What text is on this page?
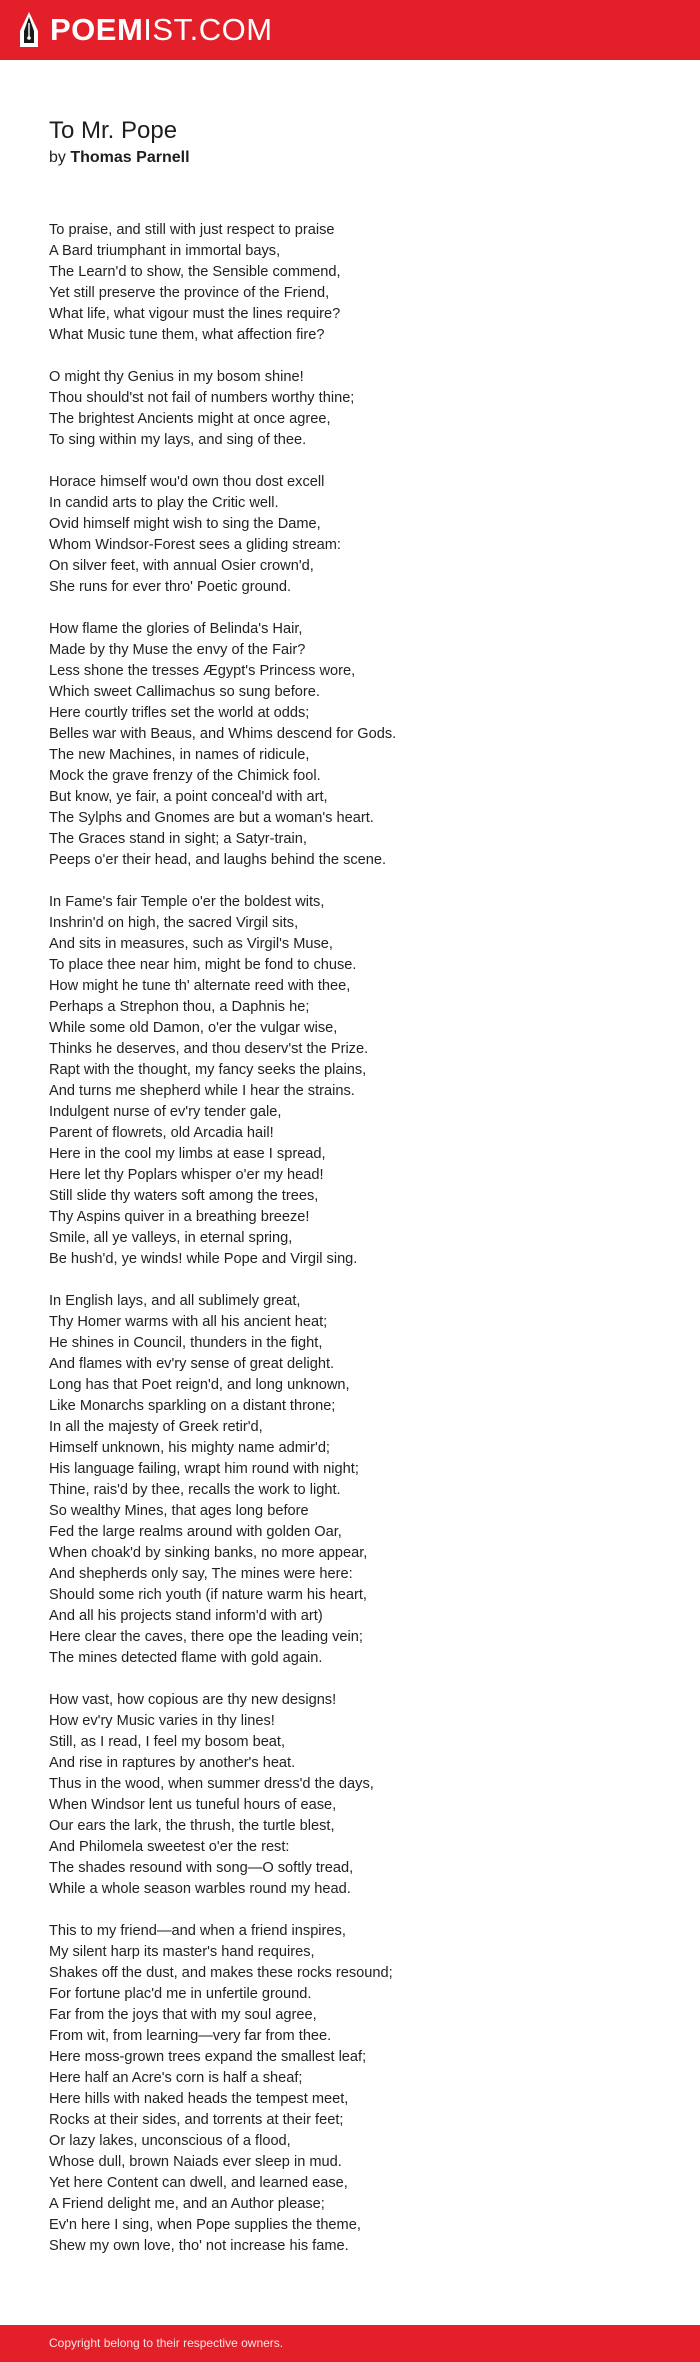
POEMIST.COM
To Mr. Pope
by Thomas Parnell
To praise, and still with just respect to praise
A Bard triumphant in immortal bays,
The Learn'd to show, the Sensible commend,
Yet still preserve the province of the Friend,
What life, what vigour must the lines require?
What Music tune them, what affection fire?
O might thy Genius in my bosom shine!
Thou should'st not fail of numbers worthy thine;
The brightest Ancients might at once agree,
To sing within my lays, and sing of thee.
Horace himself wou'd own thou dost excell
In candid arts to play the Critic well.
Ovid himself might wish to sing the Dame,
Whom Windsor-Forest sees a gliding stream:
On silver feet, with annual Osier crown'd,
She runs for ever thro' Poetic ground.
How flame the glories of Belinda's Hair,
Made by thy Muse the envy of the Fair?
Less shone the tresses Ægypt's Princess wore,
Which sweet Callimachus so sung before.
Here courtly trifles set the world at odds;
Belles war with Beaus, and Whims descend for Gods.
The new Machines, in names of ridicule,
Mock the grave frenzy of the Chimick fool.
But know, ye fair, a point conceal'd with art,
The Sylphs and Gnomes are but a woman's heart.
The Graces stand in sight; a Satyr-train,
Peeps o'er their head, and laughs behind the scene.
In Fame's fair Temple o'er the boldest wits,
Inshrin'd on high, the sacred Virgil sits,
And sits in measures, such as Virgil's Muse,
To place thee near him, might be fond to chuse.
How might he tune th' alternate reed with thee,
Perhaps a Strephon thou, a Daphnis he;
While some old Damon, o'er the vulgar wise,
Thinks he deserves, and thou deserv'st the Prize.
Rapt with the thought, my fancy seeks the plains,
And turns me shepherd while I hear the strains.
Indulgent nurse of ev'ry tender gale,
Parent of flowrets, old Arcadia hail!
Here in the cool my limbs at ease I spread,
Here let thy Poplars whisper o'er my head!
Still slide thy waters soft among the trees,
Thy Aspins quiver in a breathing breeze!
Smile, all ye valleys, in eternal spring,
Be hush'd, ye winds! while Pope and Virgil sing.
In English lays, and all sublimely great,
Thy Homer warms with all his ancient heat;
He shines in Council, thunders in the fight,
And flames with ev'ry sense of great delight.
Long has that Poet reign'd, and long unknown,
Like Monarchs sparkling on a distant throne;
In all the majesty of Greek retir'd,
Himself unknown, his mighty name admir'd;
His language failing, wrapt him round with night;
Thine, rais'd by thee, recalls the work to light.
So wealthy Mines, that ages long before
Fed the large realms around with golden Oar,
When choak'd by sinking banks, no more appear,
And shepherds only say, The mines were here:
Should some rich youth (if nature warm his heart,
And all his projects stand inform'd with art)
Here clear the caves, there ope the leading vein;
The mines detected flame with gold again.
How vast, how copious are thy new designs!
How ev'ry Music varies in thy lines!
Still, as I read, I feel my bosom beat,
And rise in raptures by another's heat.
Thus in the wood, when summer dress'd the days,
When Windsor lent us tuneful hours of ease,
Our ears the lark, the thrush, the turtle blest,
And Philomela sweetest o'er the rest:
The shades resound with song—O softly tread,
While a whole season warbles round my head.
This to my friend—and when a friend inspires,
My silent harp its master's hand requires,
Shakes off the dust, and makes these rocks resound;
For fortune plac'd me in unfertile ground.
Far from the joys that with my soul agree,
From wit, from learning—very far from thee.
Here moss-grown trees expand the smallest leaf;
Here half an Acre's corn is half a sheaf;
Here hills with naked heads the tempest meet,
Rocks at their sides, and torrents at their feet;
Or lazy lakes, unconscious of a flood,
Whose dull, brown Naiads ever sleep in mud.
Yet here Content can dwell, and learned ease,
A Friend delight me, and an Author please;
Ev'n here I sing, when Pope supplies the theme,
Shew my own love, tho' not increase his fame.
Copyright belong to their respective owners.
